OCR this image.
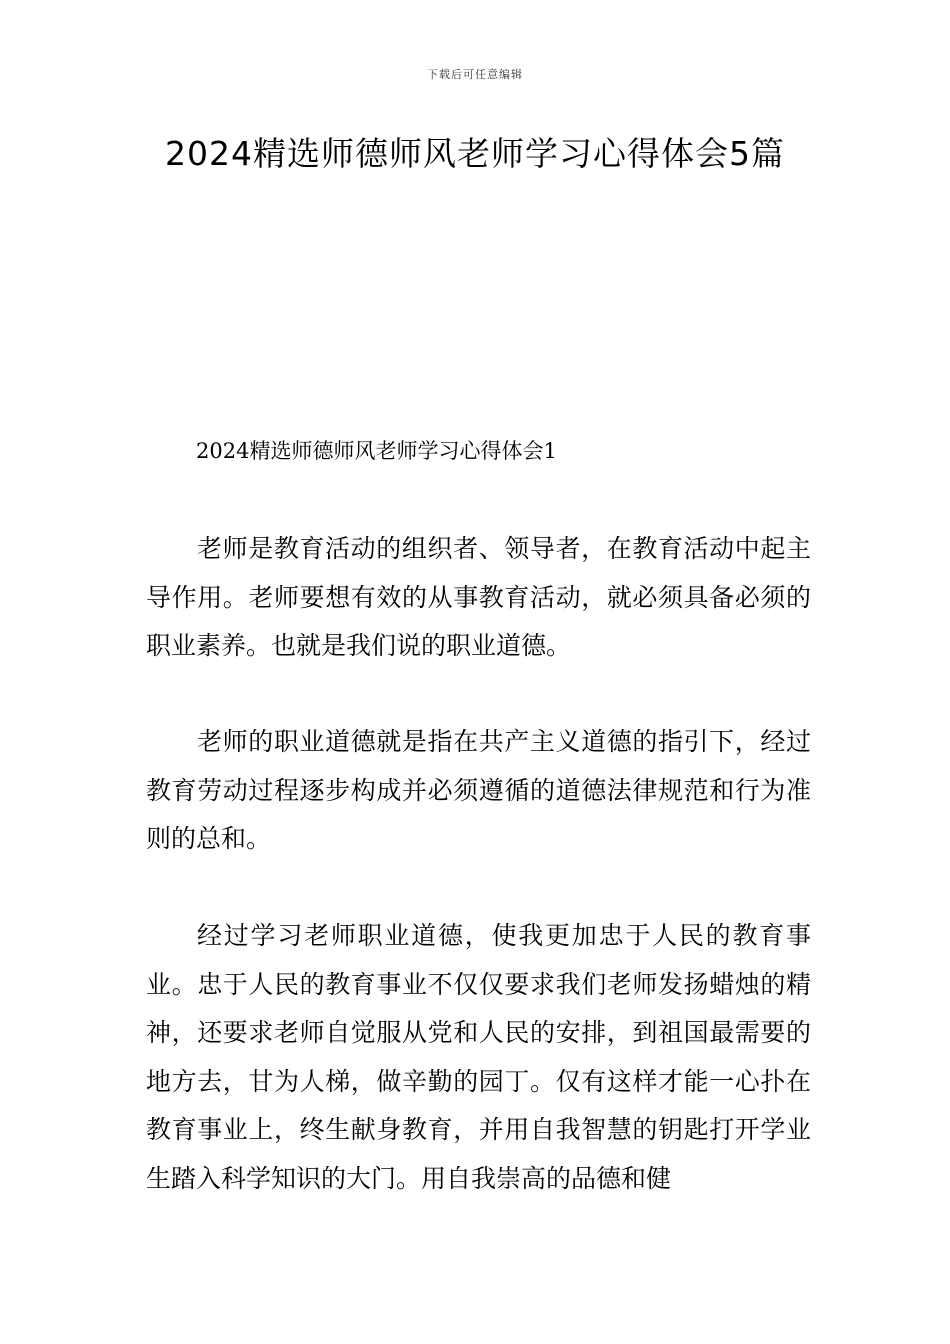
下载后可任意编辑
2024精选师德师风老师学习心得体会5篇
2024精选师德师风老师学习心得体会1

老师是教育活动的组织者、领导者，在教育活动中起主导作用。老师要想有效的从事教育活动，就必须具备必须的职业素养。也就是我们说的职业道德。

老师的职业道德就是指在共产主义道德的指引下，经过教育劳动过程逐步构成并必须遵循的道德法律规范和行为准则的总和。

经过学习老师职业道德，使我更加忠于人民的教育事业。忠于人民的教育事业不仅仅要求我们老师发扬蜡烛的精神，还要求老师自觉服从党和人民的安排，到祖国最需要的地方去，甘为人梯，做辛勤的园丁。仅有这样才能一心扑在教育事业上，终生献身教育，并用自我智慧的钥匙打开学业生踏入科学知识的大门。用自我崇高的品德和健
